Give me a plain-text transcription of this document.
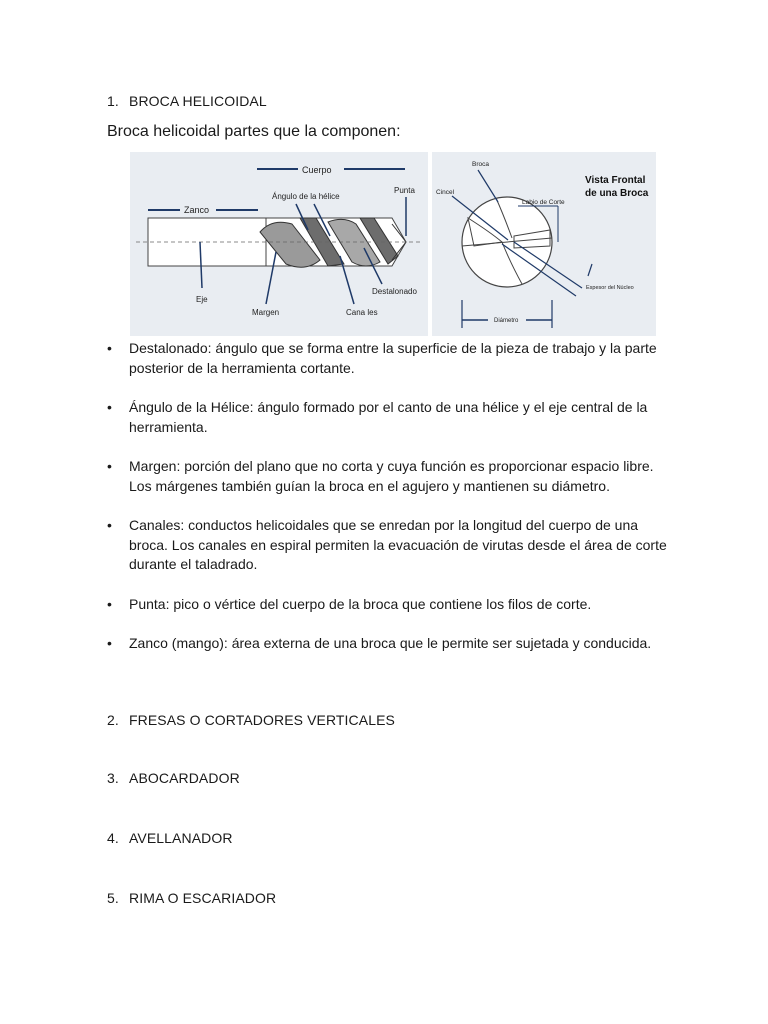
1. BROCA HELICOIDAL
Broca helicoidal partes que la componen:
Cuerpo
Zanco
Punta
Ángulo de la hélice
Eje
Margen	Cana les
Destalonado
Vista Frontal
de una Broca
Broca
Cincel
Labio de Corte
Espesor del Núcleo
Diámetro
• Destalonado: ángulo que se forma entre la superficie de la pieza de trabajo y la parte posterior de la herramienta cortante.
• Ángulo de la Hélice: ángulo formado por el canto de una hélice y el eje central de la herramienta.
• Margen: porción del plano que no corta y cuya función es proporcionar espacio libre. Los márgenes también guían la broca en el agujero y mantienen su diámetro.
• Canales: conductos helicoidales que se enredan por la longitud del cuerpo de una broca. Los canales en espiral permiten la evacuación de virutas desde el área de corte durante el taladrado.
• Punta: pico o vértice del cuerpo de la broca que contiene los filos de corte.
• Zanco (mango): área externa de una broca que le permite ser sujetada y conducida.
2. FRESAS O CORTADORES VERTICALES
3. ABOCARDADOR
4. AVELLANADOR
5. RIMA O ESCARIADOR
